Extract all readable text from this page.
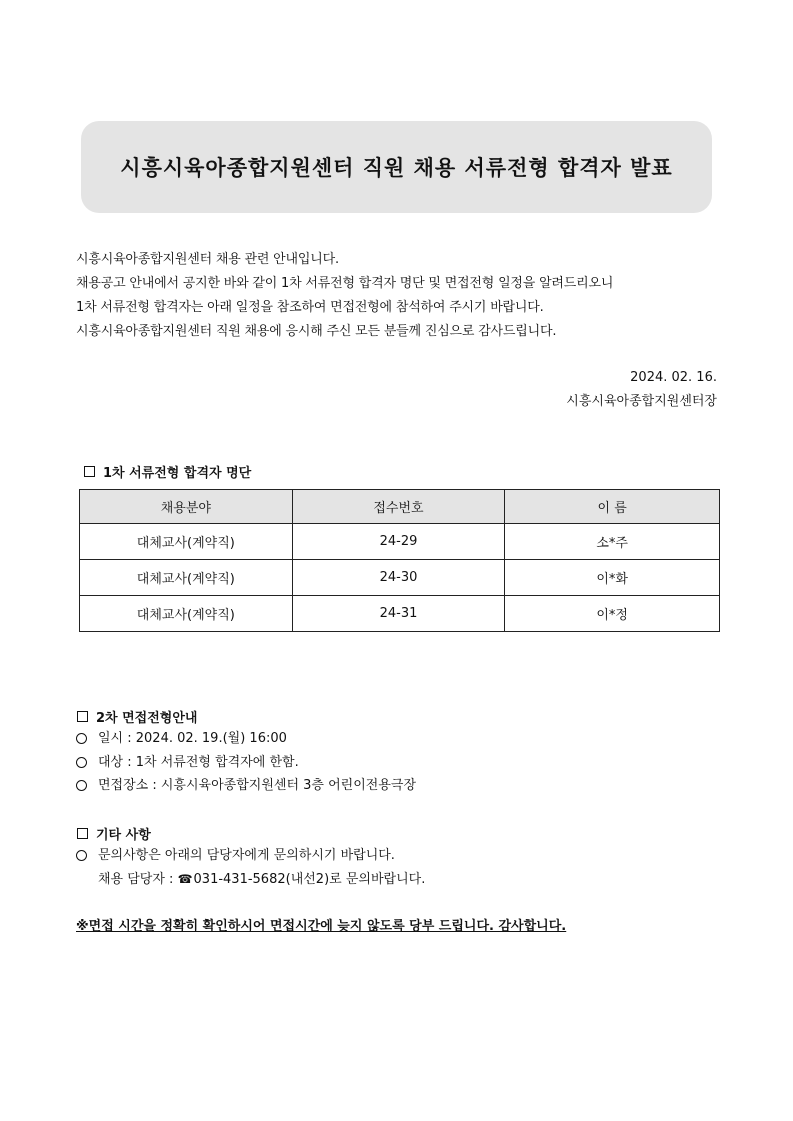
시흥시육아종합지원센터 직원 채용 서류전형 합격자 발표

시흥시육아종합지원센터 채용 관련 안내입니다.

채용공고 안내에서 공지한 바와 같이 1차 서류전형 합격자 명단 및 면접전형 일정을 알려드리오니

1차 서류전형 합격자는 아래 일정을 참조하여 면접전형에 참석하여 주시기 바랍니다.

시흥시육아종합지원센터 직원 채용에 응시해 주신 모든 분들께 진심으로 감사드립니다.

2024. 02. 16.
시흥시육아종합지원센터장
1차 서류전형 합격자 명단
채용분야	접수번호	이 름
대체교사(계약직)	24-29	소*주
대체교사(계약직)	24-30	이*화
대체교사(계약직)	24-31	이*정
2차 면접전형안내
일시 : 2024. 02. 19.(월) 16:00
대상 : 1차 서류전형 합격자에 한함.
면접장소 : 시흥시육아종합지원센터 3층 어린이전용극장
기타 사항
문의사항은 아래의 담당자에게 문의하시기 바랍니다.
채용 담당자 : ☎031-431-5682(내선2)로 문의바랍니다.
※면접 시간을 정확히 확인하시어 면접시간에 늦지 않도록 당부 드립니다. 감사합니다.
